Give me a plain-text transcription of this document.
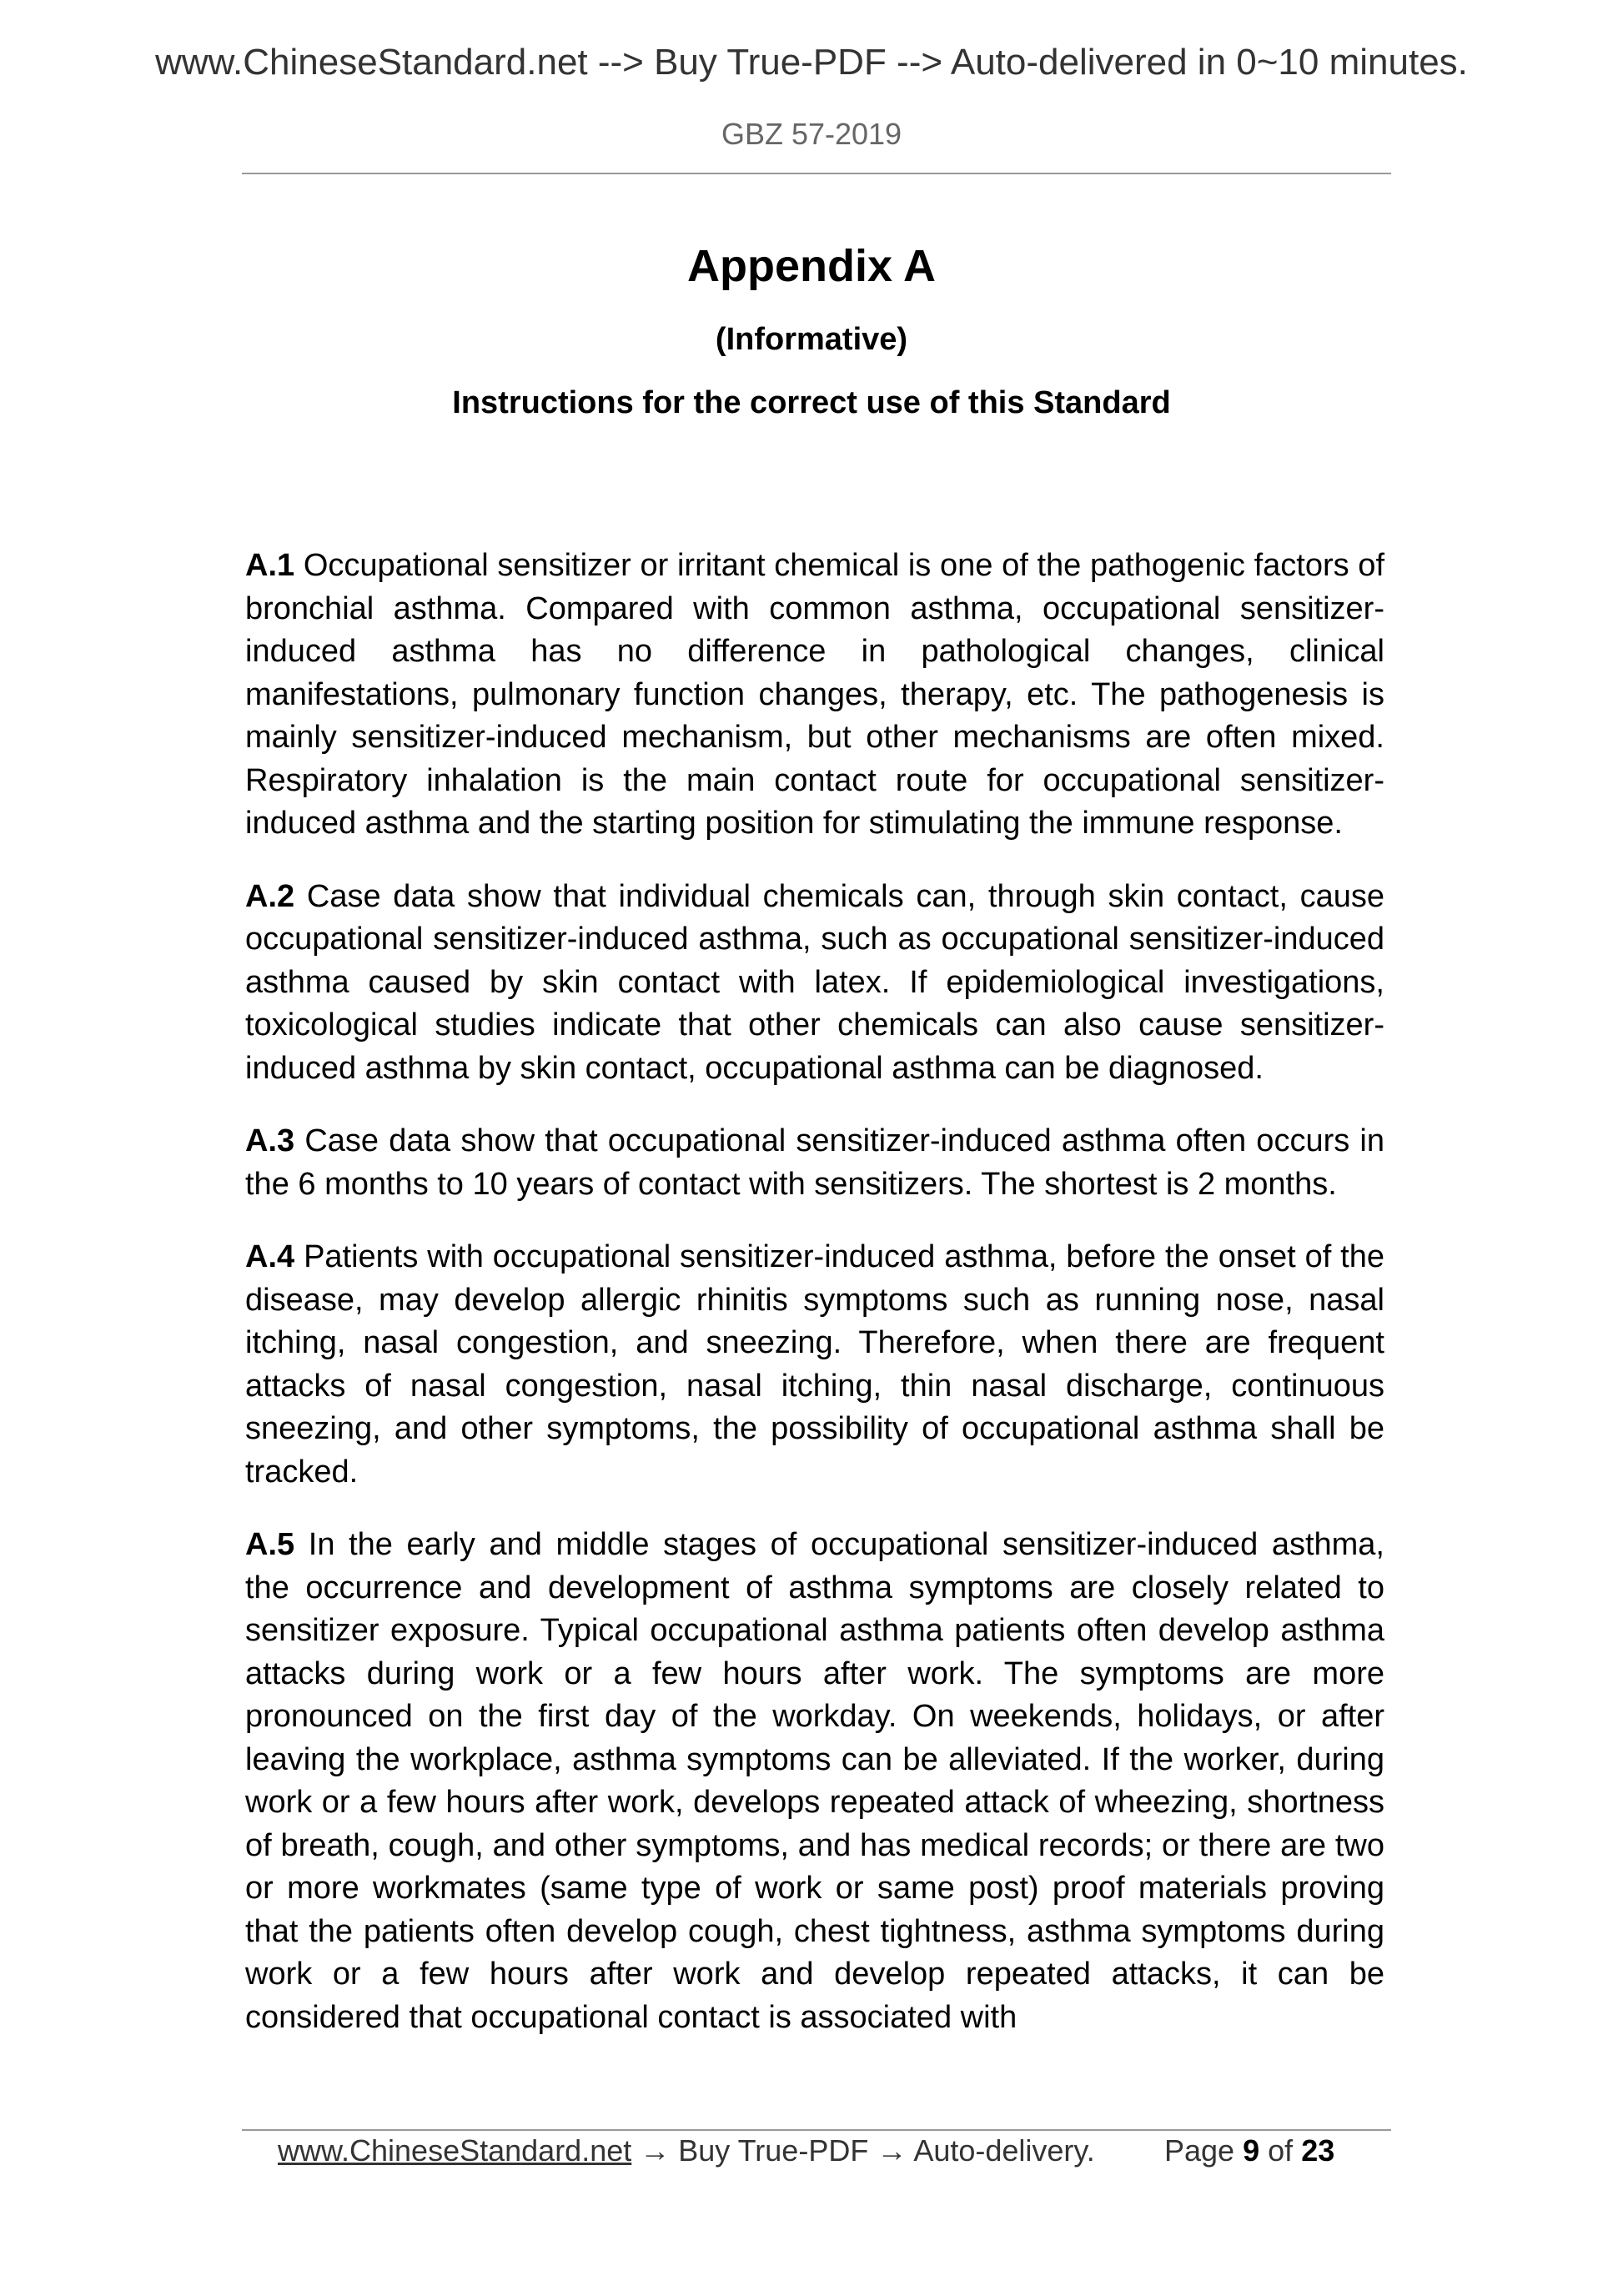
www.ChineseStandard.net --> Buy True-PDF --> Auto-delivered in 0~10 minutes.
GBZ 57-2019
Appendix A
(Informative)
Instructions for the correct use of this Standard

A.1 Occupational sensitizer or irritant chemical is one of the pathogenic factors of bronchial asthma. Compared with common asthma, occupational sensitizer-induced asthma has no difference in pathological changes, clinical manifestations, pulmonary function changes, therapy, etc. The pathogenesis is mainly sensitizer-induced mechanism, but other mechanisms are often mixed. Respiratory inhalation is the main contact route for occupational sensitizer-induced asthma and the starting position for stimulating the immune response.

A.2 Case data show that individual chemicals can, through skin contact, cause occupational sensitizer-induced asthma, such as occupational sensitizer-induced asthma caused by skin contact with latex. If epidemiological investigations, toxicological studies indicate that other chemicals can also cause sensitizer-induced asthma by skin contact, occupational asthma can be diagnosed.

A.3 Case data show that occupational sensitizer-induced asthma often occurs in the 6 months to 10 years of contact with sensitizers. The shortest is 2 months.

A.4 Patients with occupational sensitizer-induced asthma, before the onset of the disease, may develop allergic rhinitis symptoms such as running nose, nasal itching, nasal congestion, and sneezing. Therefore, when there are frequent attacks of nasal congestion, nasal itching, thin nasal discharge, continuous sneezing, and other symptoms, the possibility of occupational asthma shall be tracked.

A.5 In the early and middle stages of occupational sensitizer-induced asthma, the occurrence and development of asthma symptoms are closely related to sensitizer exposure. Typical occupational asthma patients often develop asthma attacks during work or a few hours after work. The symptoms are more pronounced on the first day of the workday. On weekends, holidays, or after leaving the workplace, asthma symptoms can be alleviated. If the worker, during work or a few hours after work, develops repeated attack of wheezing, shortness of breath, cough, and other symptoms, and has medical records; or there are two or more workmates (same type of work or same post) proof materials proving that the patients often develop cough, chest tightness, asthma symptoms during work or a few hours after work and develop repeated attacks, it can be considered that occupational contact is associated with

www.ChineseStandard.net → Buy True-PDF → Auto-delivery. Page 9 of 23
